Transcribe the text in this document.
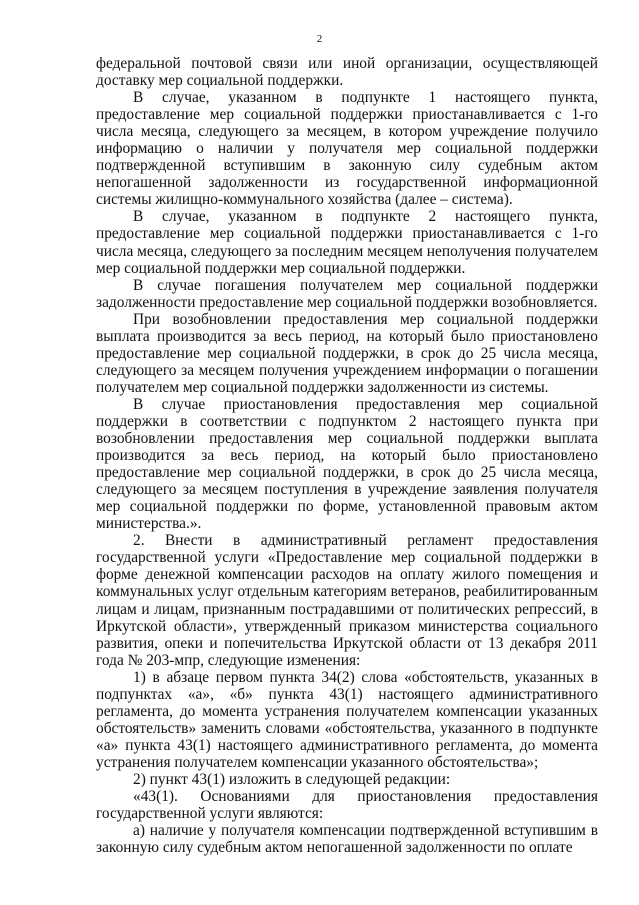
2

федеральной почтовой связи или иной организации, осуществляющей доставку мер социальной поддержки.

В случае, указанном в подпункте 1 настоящего пункта, предоставление мер социальной поддержки приостанавливается с 1-го числа месяца, следующего за месяцем, в котором учреждение получило информацию о наличии у получателя мер социальной поддержки подтвержденной вступившим в законную силу судебным актом непогашенной задолженности из государственной информационной системы жилищно-коммунального хозяйства (далее – система).

В случае, указанном в подпункте 2 настоящего пункта, предоставление мер социальной поддержки приостанавливается с 1-го числа месяца, следующего за последним месяцем неполучения получателем мер социальной поддержки мер социальной поддержки.

В случае погашения получателем мер социальной поддержки задолженности предоставление мер социальной поддержки возобновляется.

При возобновлении предоставления мер социальной поддержки выплата производится за весь период, на который было приостановлено предоставление мер социальной поддержки, в срок до 25 числа месяца, следующего за месяцем получения учреждением информации о погашении получателем мер социальной поддержки задолженности из системы.

В случае приостановления предоставления мер социальной поддержки в соответствии с подпунктом 2 настоящего пункта при возобновлении предоставления мер социальной поддержки выплата производится за весь период, на который было приостановлено предоставление мер социальной поддержки, в срок до 25 числа месяца, следующего за месяцем поступления в учреждение заявления получателя мер социальной поддержки по форме, установленной правовым актом министерства.».

2. Внести в административный регламент предоставления государственной услуги «Предоставление мер социальной поддержки в форме денежной компенсации расходов на оплату жилого помещения и коммунальных услуг отдельным категориям ветеранов, реабилитированным лицам и лицам, признанным пострадавшими от политических репрессий, в Иркутской области», утвержденный приказом министерства социального развития, опеки и попечительства Иркутской области от 13 декабря 2011 года № 203-мпр, следующие изменения:

1) в абзаце первом пункта 34(2) слова «обстоятельств, указанных в подпунктах «а», «б» пункта 43(1) настоящего административного регламента, до момента устранения получателем компенсации указанных обстоятельств» заменить словами «обстоятельства, указанного в подпункте «а» пункта 43(1) настоящего административного регламента, до момента устранения получателем компенсации указанного обстоятельства»;

2) пункт 43(1) изложить в следующей редакции:

«43(1). Основаниями для приостановления предоставления государственной услуги являются:

а) наличие у получателя компенсации подтвержденной вступившим в законную силу судебным актом непогашенной задолженности по оплате
